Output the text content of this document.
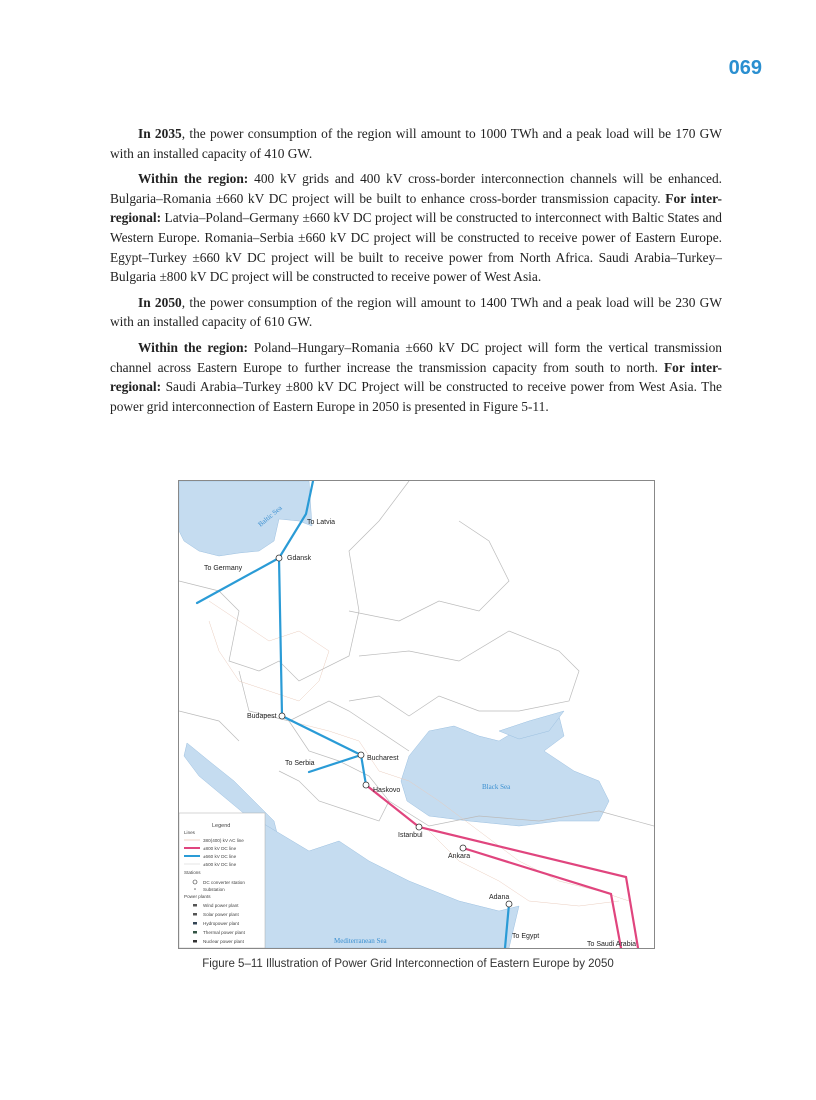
069

In 2035, the power consumption of the region will amount to 1000 TWh and a peak load will be 170 GW with an installed capacity of 410 GW.

Within the region: 400 kV grids and 400 kV cross-border interconnection channels will be enhanced. Bulgaria–Romania ±660 kV DC project will be built to enhance cross-border transmission capacity. For inter-regional: Latvia–Poland–Germany ±660 kV DC project will be constructed to interconnect with Baltic States and Western Europe. Romania–Serbia ±660 kV DC project will be constructed to receive power of Eastern Europe. Egypt–Turkey ±660 kV DC project will be built to receive power from North Africa. Saudi Arabia–Turkey–Bulgaria ±800 kV DC project will be constructed to receive power of West Asia.

In 2050, the power consumption of the region will amount to 1400 TWh and a peak load will be 230 GW with an installed capacity of 610 GW.

Within the region: Poland–Hungary–Romania ±660 kV DC project will form the vertical transmission channel across Eastern Europe to further increase the transmission capacity from south to north. For inter-regional: Saudi Arabia–Turkey ±800 kV DC Project will be constructed to receive power from West Asia. The power grid interconnection of Eastern Europe in 2050 is presented in Figure 5-11.

To Latvia
Gdansk
To Germany
Budapest
To Serbia
Bucharest
Haskovo
Istanbul
Ankara
Adana
To Egypt
To Saudi Arabia
Baltic Sea
Black Sea
Mediterranean Sea
Legend
Lines
380(400) kV AC line
±800 kV DC line
±660 kV DC line
±500 kV DC line
Stations
DC converter station
Substation
Power plants
Wind power plant
Solar power plant
Hydropower plant
Thermal power plant
Nuclear power plant
Figure 5–11 Illustration of Power Grid Interconnection of Eastern Europe by 2050
